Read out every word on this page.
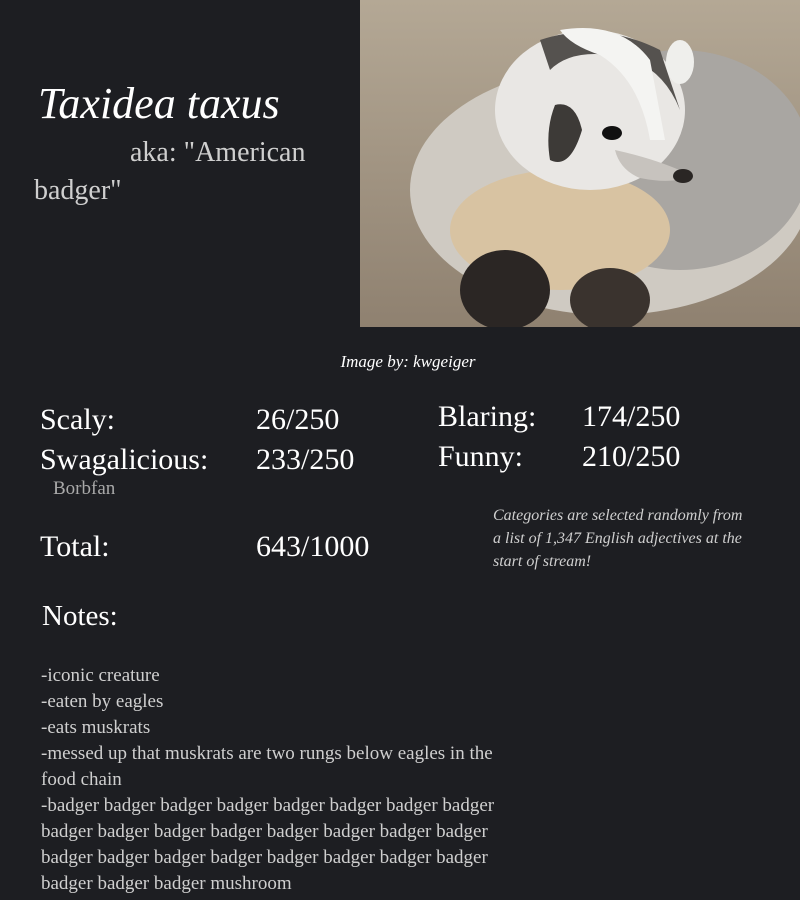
Taxidea taxus
aka: "American badger"
Image by: kwgeiger
Scaly:	26/250
Swagalicious: 233/250
Blaring: 174/250
Funny: 210/250
Borbfan
Total:	643/1000
Categories are selected randomly from a list of 1,347 English adjectives at the start of stream!
Notes:
-iconic creature
-eaten by eagles
-eats muskrats
-messed up that muskrats are two rungs below eagles in the food chain
-badger badger badger badger badger badger badger badger badger badger badger badger badger badger badger badger badger badger badger badger badger badger badger badger badger badger badger mushroom
